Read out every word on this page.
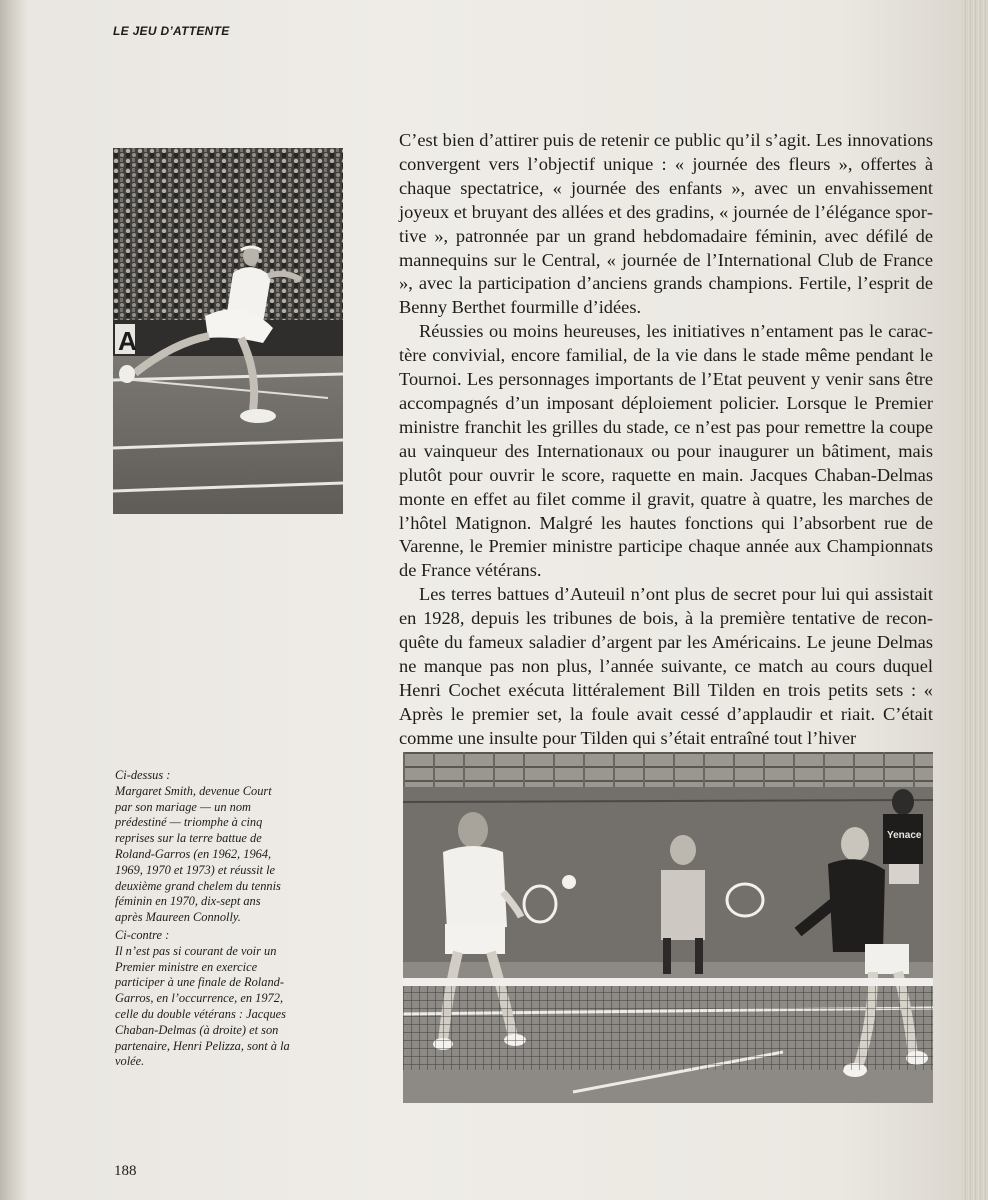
LE JEU D’ATTENTE
A

C’est bien d’attirer puis de retenir ce public qu’il s’agit. Les innovations convergent vers l’objectif unique : « journée des fleurs », offertes à chaque spectatrice, « journée des enfants », avec un envahissement joyeux et bruyant des allées et des gradins, « journée de l’élégance sportive », patronnée par un grand hebdomadaire féminin, avec défilé de mannequins sur le Central, « journée de l’International Club de France », avec la participation d’anciens grands champions. Fertile, l’esprit de Benny Berthet fourmille d’idées.

Réussies ou moins heureuses, les initiatives n’entament pas le caractère convivial, encore familial, de la vie dans le stade même pendant le Tournoi. Les personnages importants de l’Etat peuvent y venir sans être accompagnés d’un imposant déploiement policier. Lorsque le Premier ministre franchit les grilles du stade, ce n’est pas pour remettre la coupe au vainqueur des Internationaux ou pour inaugurer un bâtiment, mais plutôt pour ouvrir le score, raquette en main. Jacques Chaban-Delmas monte en effet au filet comme il gravit, quatre à quatre, les marches de l’hôtel Matignon. Malgré les hautes fonctions qui l’absorbent rue de Varenne, le Premier ministre participe chaque année aux Championnats de France vétérans.

Les terres battues d’Auteuil n’ont plus de secret pour lui qui assistait en 1928, depuis les tribunes de bois, à la première tentative de reconquête du fameux saladier d’argent par les Américains. Le jeune Delmas ne manque pas non plus, l’année suivante, ce match au cours duquel Henri Cochet exécuta littéralement Bill Tilden en trois petits sets : « Après le premier set, la foule avait cessé d’applaudir et riait. C’était comme une insulte pour Tilden qui s’était entraîné tout l’hiver

Ci-dessus :
Margaret Smith, devenue Court par son mariage — un nom prédestiné — triomphe à cinq reprises sur la terre battue de Roland-Garros (en 1962, 1964, 1969, 1970 et 1973) et réussit le deuxième grand chelem du tennis féminin en 1970, dix-sept ans après Maureen Connolly.
Ci-contre :
Il n’est pas si courant de voir un Premier ministre en exercice participer à une finale de Roland-Garros, en l’occurrence, en 1972, celle du double vétérans : Jacques Chaban-Delmas (à droite) et son partenaire, Henri Pelizza, sont à la volée.
Yenace
188
